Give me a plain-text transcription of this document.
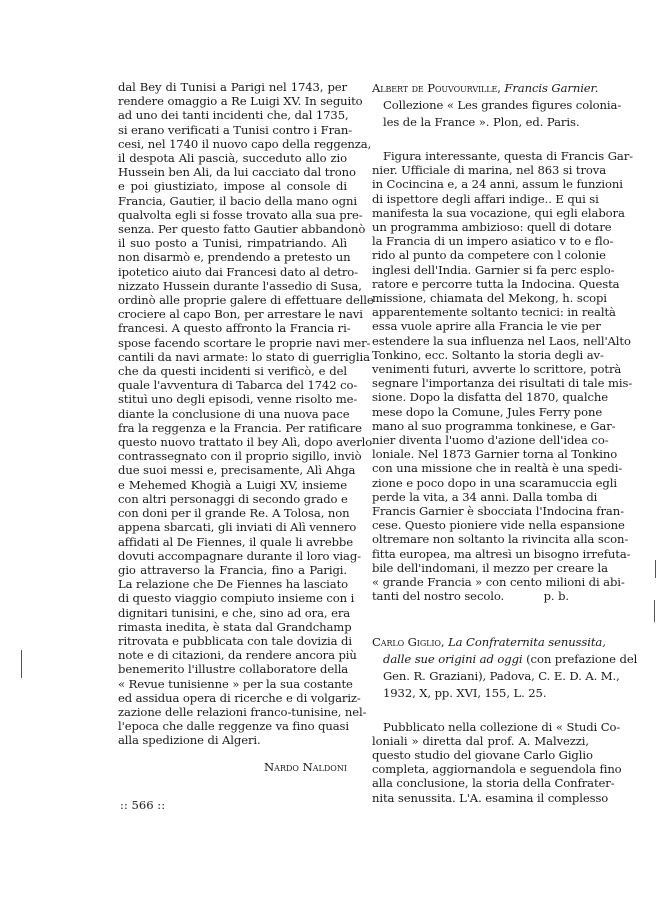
dal Bey di Tunisi a Parigi nel 1743, per
rendere omaggio a Re Luigi XV. In seguito
ad uno dei tanti incidenti che, dal 1735,
si erano verificati a Tunisi contro i Fran-
cesi, nel 1740 il nuovo capo della reggenza,
il despota Ali pascià, succeduto allo zio
Hussein ben Ali, da lui cacciato dal trono
e poi giustiziato, impose al console di
Francia, Gautier, il bacio della mano ogni
qualvolta egli si fosse trovato alla sua pre-
senza. Per questo fatto Gautier abbandonò
il suo posto a Tunisi, rimpatriando. Alì
non disarmò e, prendendo a pretesto un
ipotetico aiuto dai Francesi dato al detro-
nizzato Hussein durante l'assedio di Susa,
ordinò alle proprie galere di effettuare delle
crociere al capo Bon, per arrestare le navi
francesi. A questo affronto la Francia ri-
spose facendo scortare le proprie navi mer-
cantili da navi armate: lo stato di guerriglia
che da questi incidenti si verificò, e del
quale l'avventura di Tabarca del 1742 co-
stituì uno degli episodi, venne risolto me-
diante la conclusione di una nuova pace
fra la reggenza e la Francia. Per ratificare
questo nuovo trattato il bey Alì, dopo averlo
contrassegnato con il proprio sigillo, inviò
due suoi messi e, precisamente, Alì Ahga
e Mehemed Khogià a Luigi XV, insieme
con altri personaggi di secondo grado e
con doni per il grande Re. A Tolosa, non
appena sbarcati, gli inviati di Alì vennero
affidati al De Fiennes, il quale li avrebbe
dovuti accompagnare durante il loro viag-
gio attraverso la Francia, fino a Parigi.
La relazione che De Fiennes ha lasciato
di questo viaggio compiuto insieme con i
dignitari tunisini, e che, sino ad ora, era
rimasta inedita, è stata dal Grandchamp
ritrovata e pubblicata con tale dovizia di
note e di citazioni, da rendere ancora più
benemerito l'illustre collaboratore della
« Revue tunisienne » per la sua costante
ed assidua opera di ricerche e di volgariz-
zazione delle relazioni franco-tunisine, nel-
l'epoca che dalle reggenze va fino quasi
alla spedizione di Algeri.
Nardo Naldoni
:: 566 ::
Albert de Pouvourville, Francis Garnier.
Collezione « Les grandes figures colonia-
les de la France ». Plon, ed. Paris.
Figura interessante, questa di Francis Gar-
nier. Ufficiale di marina, nel 863 si trova
in Cocincina e, a 24 anni, assum le funzioni
di ispettore degli affari indige.. E qui si
manifesta la sua vocazione, qui egli elabora
un programma ambizioso: quell di dotare
la Francia di un impero asiatico v to e flo-
rido al punto da competere con l colonie
inglesi dell'India. Garnier si fa perc esplo-
ratore e percorre tutta la Indocina. Questa
missione, chiamata del Mekong, h. scopi
apparentemente soltanto tecnici: in realtà
essa vuole aprire alla Francia le vie per
estendere la sua influenza nel Laos, nell'Alto
Tonkino, ecc. Soltanto la storia degli av-
venimenti futuri, avverte lo scrittore, potrà
segnare l'importanza dei risultati di tale mis-
sione. Dopo la disfatta del 1870, qualche
mese dopo la Comune, Jules Ferry pone
mano al suo programma tonkinese, e Gar-
nier diventa l'uomo d'azione dell'idea co-
loniale. Nel 1873 Garnier torna al Tonkino
con una missione che in realtà è una spedi-
zione e poco dopo in una scaramuccia egli
perde la vita, a 34 anni. Dalla tomba di
Francis Garnier è sbocciata l'Indocina fran-
cese. Questo pioniere vide nella espansione
oltremare non soltanto la rivincita alla scon-
fitta europea, ma altresì un bisogno irrefuta-
bile dell'indomani, il mezzo per creare la
« grande Francia » con cento milioni di abi-
tanti del nostro secolo.	p. b.
Carlo Giglio, La Confraternita senussita,
dalle sue origini ad oggi (con prefazione del
Gen. R. Graziani), Padova, C. E. D. A. M.,
1932, X, pp. XVI, 155, L. 25.
Pubblicato nella collezione di « Studi Co-
loniali » diretta dal prof. A. Malvezzi,
questo studio del giovane Carlo Giglio
completa, aggiornandola e seguendola fino
alla conclusione, la storia della Confrater-
nita senussita. L'A. esamina il complesso
